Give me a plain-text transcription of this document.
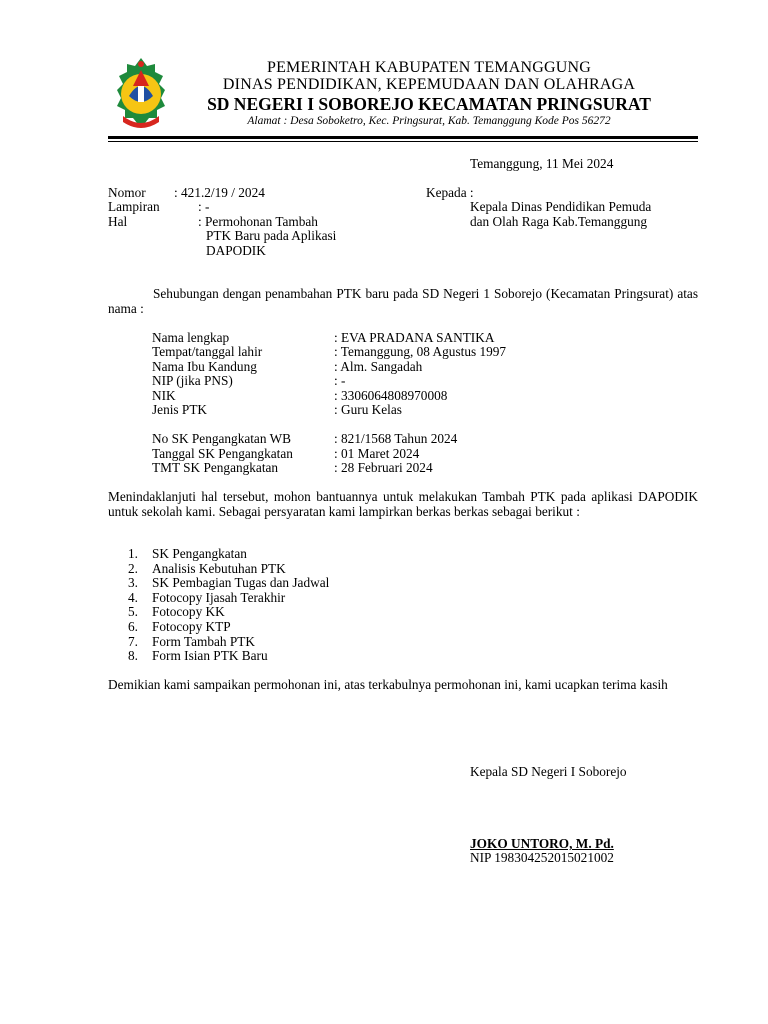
PEMERINTAH KABUPATEN TEMANGGUNG
DINAS PENDIDIKAN, KEPEMUDAAN DAN OLAHRAGA
SD NEGERI I SOBOREJO KECAMATAN PRINGSURAT
Alamat : Desa Soboketro, Kec. Pringsurat, Kab. Temanggung Kode Pos 56272
Temanggung, 11 Mei 2024
Nomor : 421.2/19 / 2024
Lampiran	: -
Hal	: Permohonan Tambah
PTK Baru pada Aplikasi
DAPODIK
Kepada :
Kepala Dinas Pendidikan Pemuda
dan Olah Raga Kab.Temanggung
Sehubungan dengan penambahan PTK baru pada SD Negeri 1 Soborejo (Kecamatan Pringsurat) atas nama :
Nama lengkap	: EVA PRADANA SANTIKA
Tempat/tanggal lahir	: Temanggung, 08 Agustus 1997
Nama Ibu Kandung	: Alm. Sangadah
NIP (jika PNS)	: -
NIK	: 3306064808970008
Jenis PTK	: Guru Kelas
No SK Pengangkatan WB	: 821/1568 Tahun 2024
Tanggal SK Pengangkatan	: 01 Maret 2024
TMT SK Pengangkatan	: 28 Februari 2024
Menindaklanjuti hal tersebut, mohon bantuannya untuk melakukan Tambah PTK pada aplikasi DAPODIK untuk sekolah kami. Sebagai persyaratan kami lampirkan berkas berkas sebagai berikut :
1.	SK Pengangkatan
2.	Analisis Kebutuhan PTK
3.	SK Pembagian Tugas dan Jadwal
4.	Fotocopy Ijasah Terakhir
5.	Fotocopy KK
6.	Fotocopy KTP
7.	Form Tambah PTK
8.	Form Isian PTK Baru
Demikian kami sampaikan permohonan ini, atas terkabulnya permohonan ini, kami ucapkan terima kasih
Kepala SD Negeri I Soborejo
JOKO UNTORO, M. Pd.
NIP 198304252015021002
